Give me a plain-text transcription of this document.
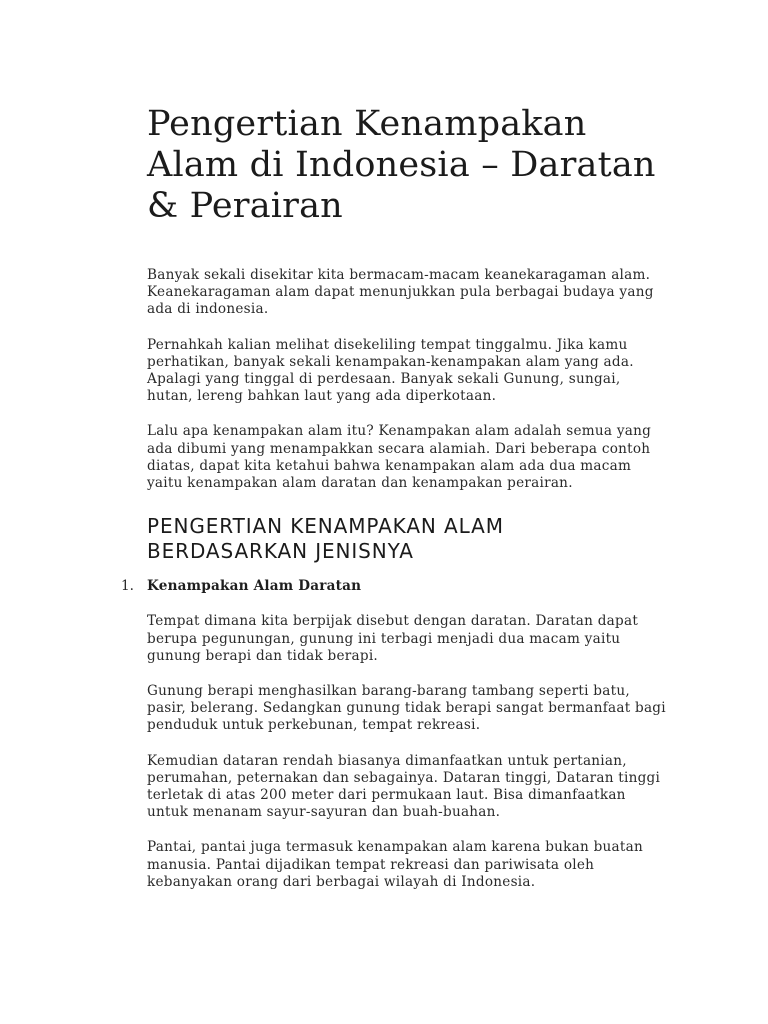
Pengertian Kenampakan Alam di Indonesia – Daratan & Perairan

Banyak sekali disekitar kita bermacam-macam keanekaragaman alam. Keanekaragaman alam dapat menunjukkan pula berbagai budaya yang ada di indonesia.

Pernahkah kalian melihat disekeliling tempat tinggalmu. Jika kamu perhatikan, banyak sekali kenampakan-kenampakan alam yang ada. Apalagi yang tinggal di perdesaan. Banyak sekali Gunung, sungai, hutan, lereng bahkan laut yang ada diperkotaan.

Lalu apa kenampakan alam itu? Kenampakan alam adalah semua yang ada dibumi yang menampakkan secara alamiah. Dari beberapa contoh diatas, dapat kita ketahui bahwa kenampakan alam ada dua macam yaitu kenampakan alam daratan dan kenampakan perairan.

PENGERTIAN KENAMPAKAN ALAM BERDASARKAN JENISNYA
1. Kenampakan Alam Daratan

Tempat dimana kita berpijak disebut dengan daratan. Daratan dapat berupa pegunungan, gunung ini terbagi menjadi dua macam yaitu gunung berapi dan tidak berapi.

Gunung berapi menghasilkan barang-barang tambang seperti batu, pasir, belerang. Sedangkan gunung tidak berapi sangat bermanfaat bagi penduduk untuk perkebunan, tempat rekreasi.

Kemudian dataran rendah biasanya dimanfaatkan untuk pertanian, perumahan, peternakan dan sebagainya. Dataran tinggi, Dataran tinggi terletak di atas 200 meter dari permukaan laut. Bisa dimanfaatkan untuk menanam sayur-sayuran dan buah-buahan.

Pantai, pantai juga termasuk kenampakan alam karena bukan buatan manusia. Pantai dijadikan tempat rekreasi dan pariwisata oleh kebanyakan orang dari berbagai wilayah di Indonesia.
